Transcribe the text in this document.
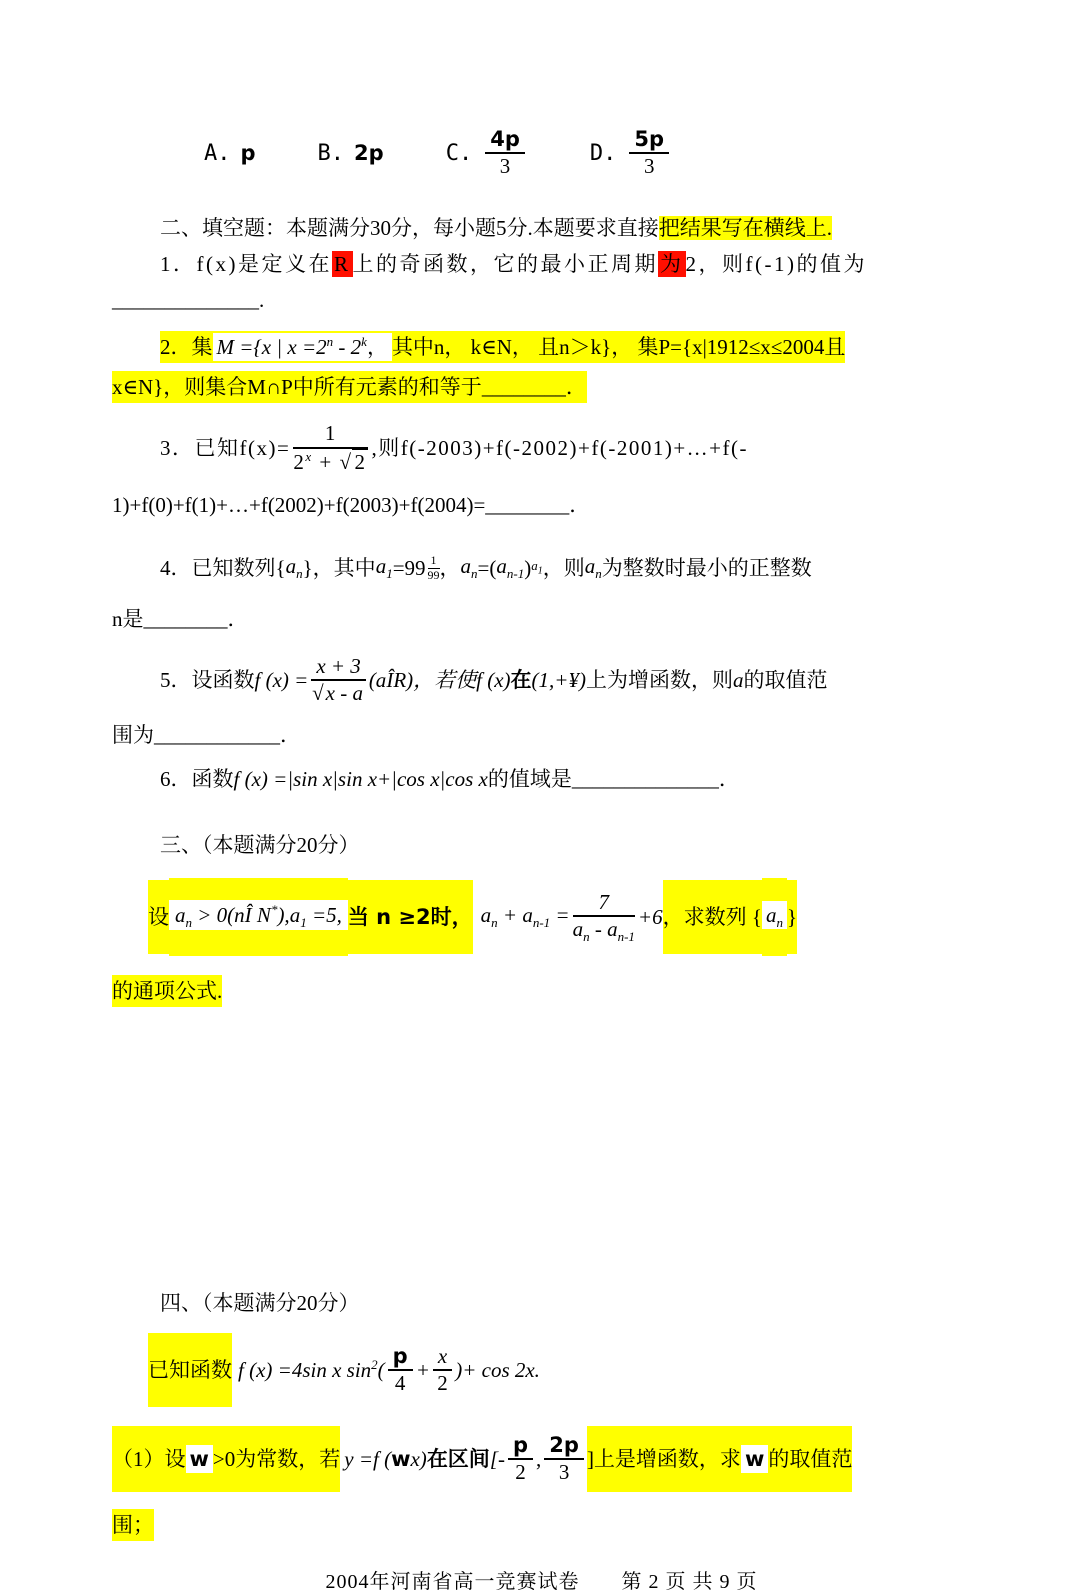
A. p	B. 2p	C. $\frac{4p}{3}$	D. $\frac{5p}{3}$
二、填空题：本题满分30分，每小题5分.本题要求直接把结果写在横线上.
1．f(x)是定义在R上的奇函数，它的最小正周期为2，则f(-1)的值为
______________.
2．集 M ={x | $x =2^n - 2^k$， 其中n， k∈N， 且n＞k}， 集P={x|1912≤x≤2004且
x∈N}，则集合M∩P中所有元素的和等于________．
3．已知$f(x)= \frac{1}{2^x + √2}$ ,则f(-2003)+f(-2002)+f(-2001)+…+f(-
1)+f(0)+f(1)+…+f(2002)+f(2003)+f(2004)=________．
4．已知数列{ $a_n$ }，其中 $a_1 =99 \frac{1}{99}$ ， $a_n$ =( $a_{n-1}$ ) $a_1$ ，则 $a_n$ 为整数时最小的正整数
n是________．
5．设函数 f $(x) = \frac{x + 3}{√x - a} (a$ Î R)，若使 f (x) 在 (1,+¥) 上为增函数，则 a 的取值范
围为____________．
6．函数f (x) =|sin x|sin x+|cos x|cos x的值域是______________．
三、（本题满分20分）
设 $a_n$ > 0(nÎ $N^*),a_1 =5$, 当 n ≥2时， $a_n + a_{n-1} = \frac{7}{a_n - a_{n-1}} +6$ ，求数列 { $a_n$ }
的通项公式.
四、（本题满分20分）
已知函数 f (x) =4sin x $\sin^2( \frac{p}{4} + \frac{x}{2}$ )+ cos 2x.
（1）设 w >0为常数，若 y =f (wx) 在区间 [- $\frac{p}{2}$ , $\frac{2p}{3}$ ] 上是增函数，求 w 的取值范
围；
2004年河南省高一竞赛试卷　　第 2 页 共 9 页
